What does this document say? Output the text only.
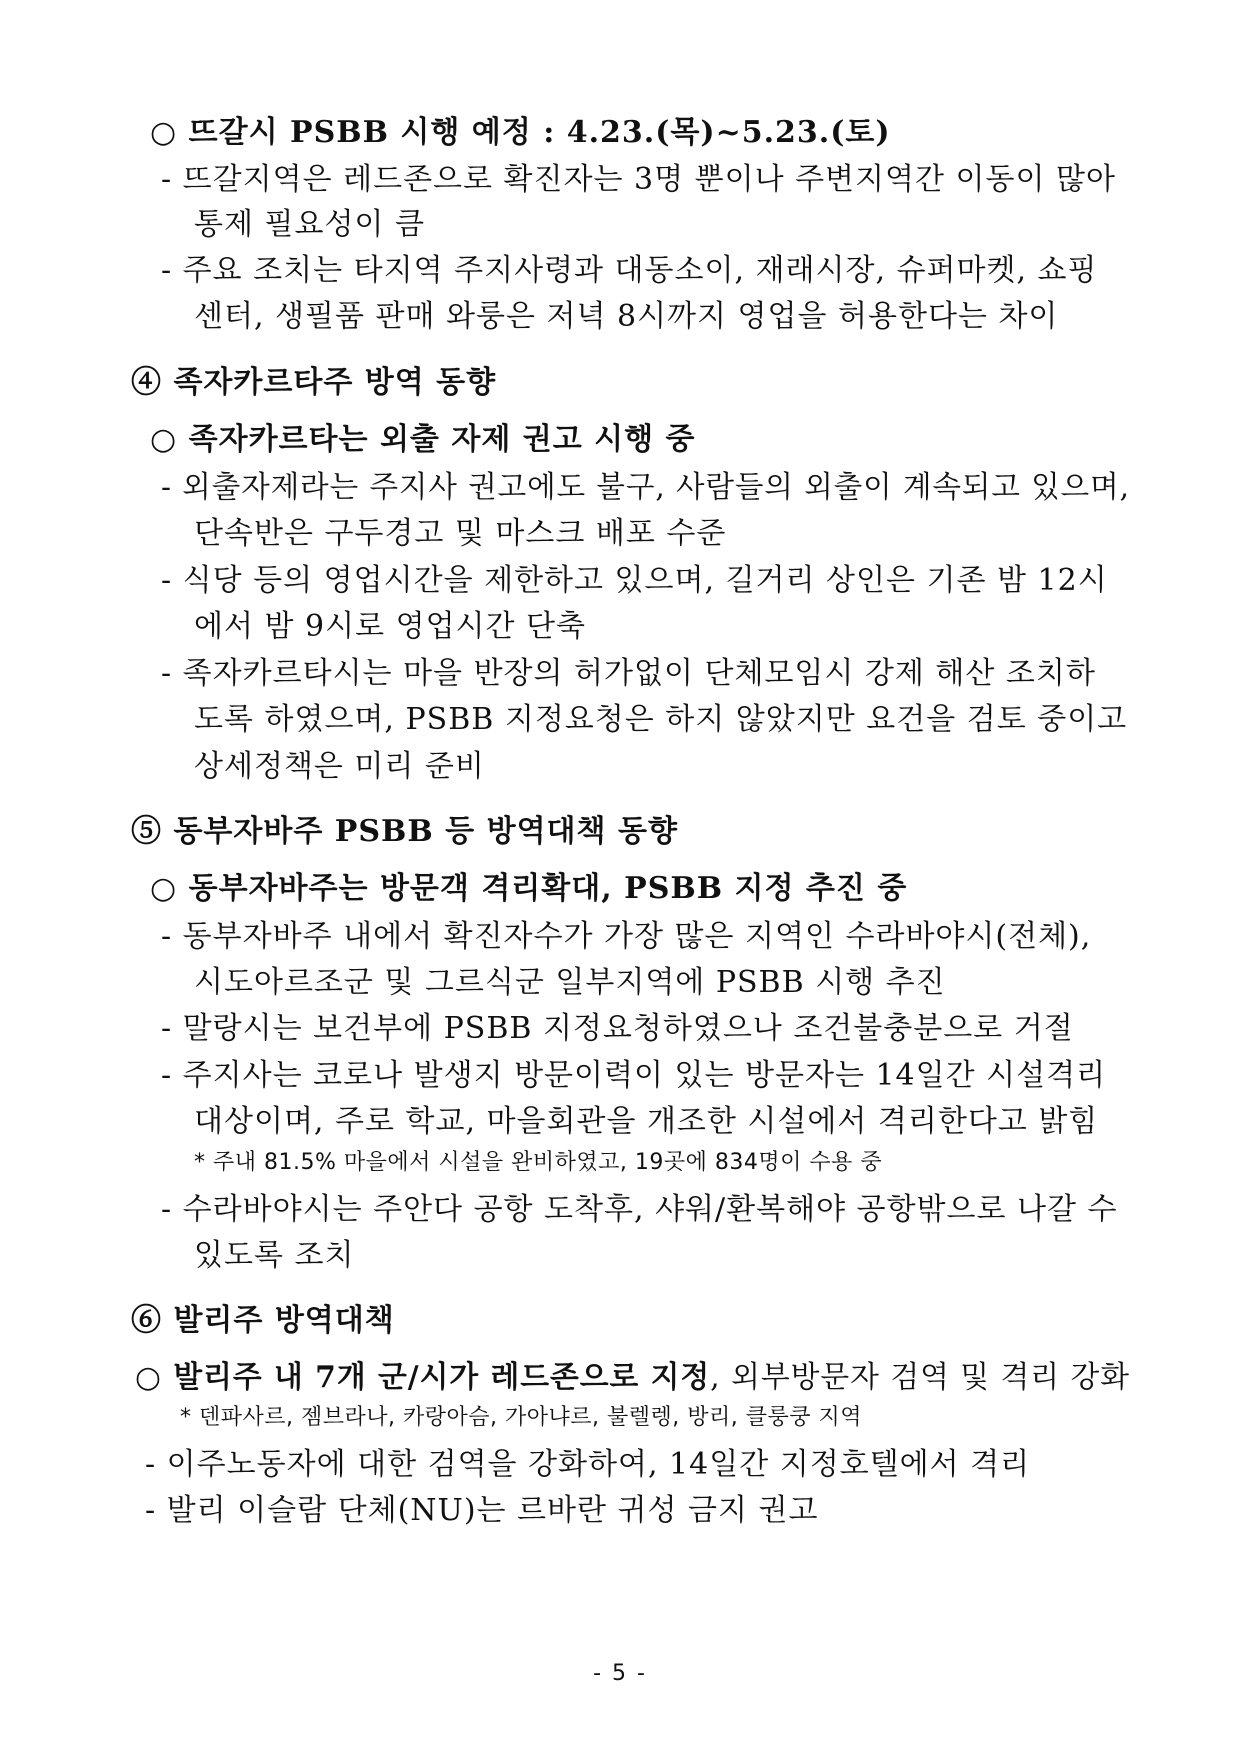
○ 뜨갈시 PSBB 시행 예정 : 4.23.(목)~5.23.(토)
- 뜨갈지역은 레드존으로 확진자는 3명 뿐이나 주변지역간 이동이 많아
통제 필요성이 큼
- 주요 조치는 타지역 주지사령과 대동소이, 재래시장, 슈퍼마켓, 쇼핑
센터, 생필품 판매 와룽은 저녁 8시까지 영업을 허용한다는 차이
④ 족자카르타주 방역 동향
○ 족자카르타는 외출 자제 권고 시행 중
- 외출자제라는 주지사 권고에도 불구, 사람들의 외출이 계속되고 있으며,
단속반은 구두경고 및 마스크 배포 수준
- 식당 등의 영업시간을 제한하고 있으며, 길거리 상인은 기존 밤 12시
에서 밤 9시로 영업시간 단축
- 족자카르타시는 마을 반장의 허가없이 단체모임시 강제 해산 조치하
도록 하였으며, PSBB 지정요청은 하지 않았지만 요건을 검토 중이고
상세정책은 미리 준비
⑤ 동부자바주 PSBB 등 방역대책 동향
○ 동부자바주는 방문객 격리확대, PSBB 지정 추진 중
- 동부자바주 내에서 확진자수가 가장 많은 지역인 수라바야시(전체),
시도아르조군 및 그르식군 일부지역에 PSBB 시행 추진
- 말랑시는 보건부에 PSBB 지정요청하였으나 조건불충분으로 거절
- 주지사는 코로나 발생지 방문이력이 있는 방문자는 14일간 시설격리
대상이며, 주로 학교, 마을회관을 개조한 시설에서 격리한다고 밝힘
* 주내 81.5% 마을에서 시설을 완비하였고, 19곳에 834명이 수용 중
- 수라바야시는 주안다 공항 도착후, 샤워/환복해야 공항밖으로 나갈 수
있도록 조치
⑥ 발리주 방역대책
○ 발리주 내 7개 군/시가 레드존으로 지정, 외부방문자 검역 및 격리 강화
* 덴파사르, 젬브라나, 카랑아슴, 가아냐르, 불렐렝, 방리, 클룽쿵 지역
- 이주노동자에 대한 검역을 강화하여, 14일간 지정호텔에서 격리
- 발리 이슬람 단체(NU)는 르바란 귀성 금지 권고
- 5 -
